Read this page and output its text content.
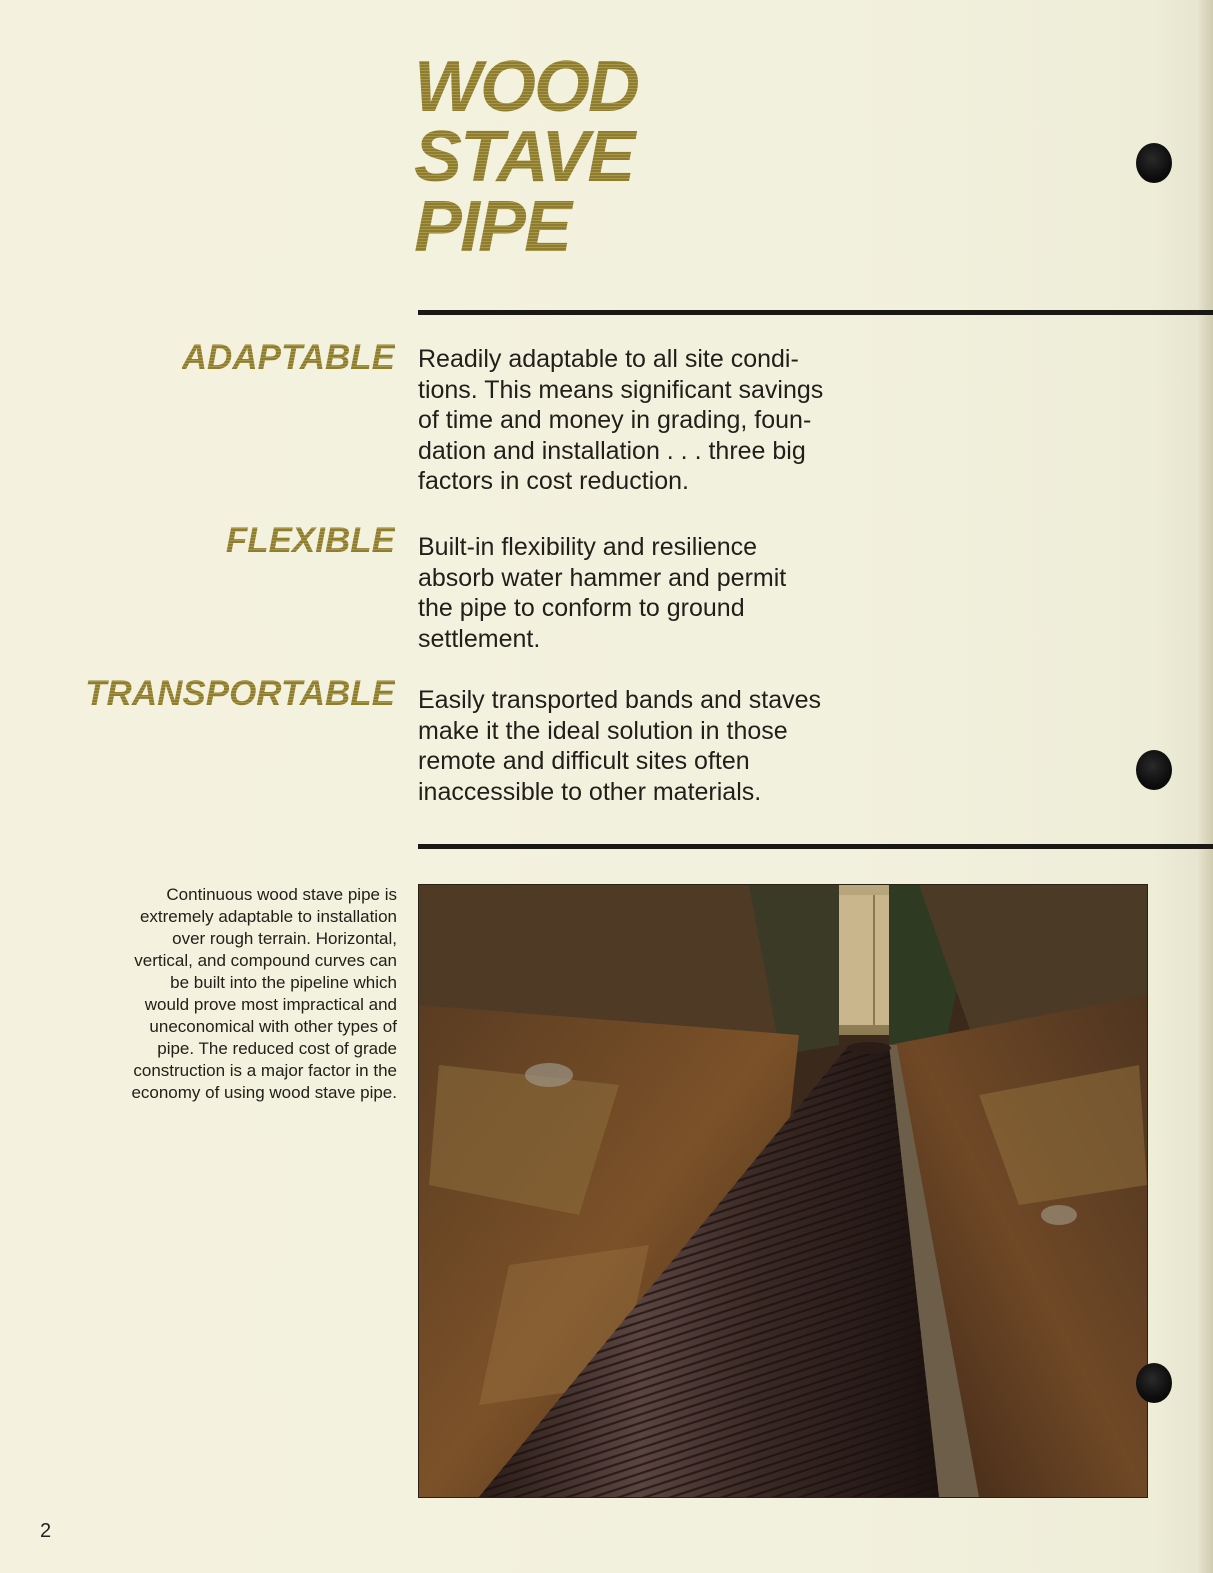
WOOD
STAVE
PIPE
ADAPTABLE Readily adaptable to all site condi-
tions. This means significant savings
of time and money in grading, foun-
dation and installation . . . three big
factors in cost reduction.

FLEXIBLE Built-in flexibility and resilience
absorb water hammer and permit
the pipe to conform to ground
settlement.

TRANSPORTABLE Easily transported bands and staves
make it the ideal solution in those
remote and difficult sites often
inaccessible to other materials.

Continuous wood stave pipe is
extremely adaptable to installation
over rough terrain. Horizontal,
vertical, and compound curves can
be built into the pipeline which
would prove most impractical and
uneconomical with other types of
pipe. The reduced cost of grade
construction is a major factor in the
economy of using wood stave pipe.

2
